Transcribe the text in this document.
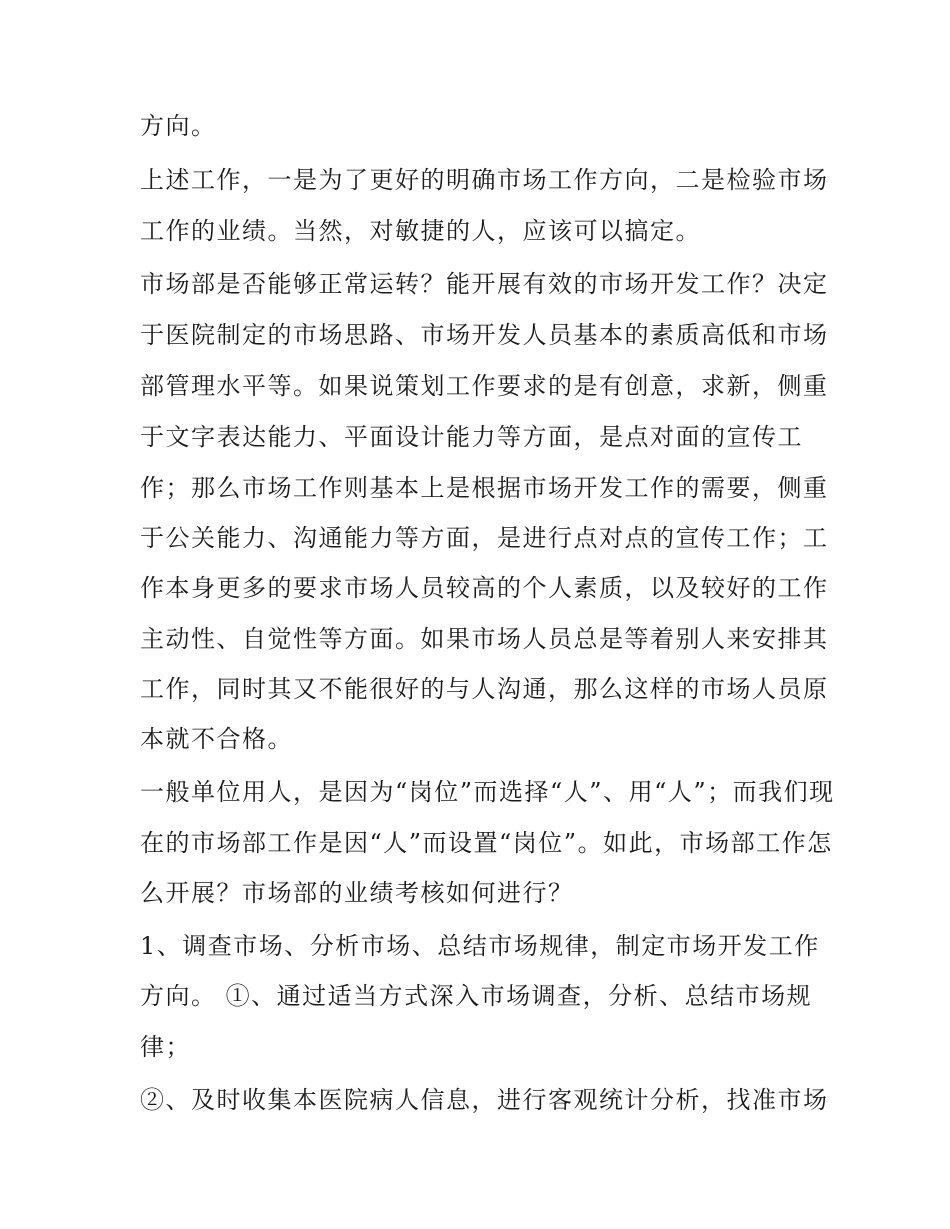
方向。

上述工作，一是为了更好的明确市场工作方向，二是检验市场

工作的业绩。当然，对敏捷的人，应该可以搞定。

市场部是否能够正常运转？能开展有效的市场开发工作？决定

于医院制定的市场思路、市场开发人员基本的素质高低和市场

部管理水平等。如果说策划工作要求的是有创意，求新，侧重

于文字表达能力、平面设计能力等方面，是点对面的宣传工

作；那么市场工作则基本上是根据市场开发工作的需要，侧重

于公关能力、沟通能力等方面，是进行点对点的宣传工作；工

作本身更多的要求市场人员较高的个人素质，以及较好的工作

主动性、自觉性等方面。如果市场人员总是等着别人来安排其

工作，同时其又不能很好的与人沟通，那么这样的市场人员原

本就不合格。

一般单位用人，是因为“岗位”而选择“人”、用“人”；而我们现

在的市场部工作是因“人”而设置“岗位”。如此，市场部工作怎

么开展？市场部的业绩考核如何进行？

1、调查市场、分析市场、总结市场规律，制定市场开发工作

方向。 ①、通过适当方式深入市场调查，分析、总结市场规

律；

②、及时收集本医院病人信息，进行客观统计分析，找准市场
